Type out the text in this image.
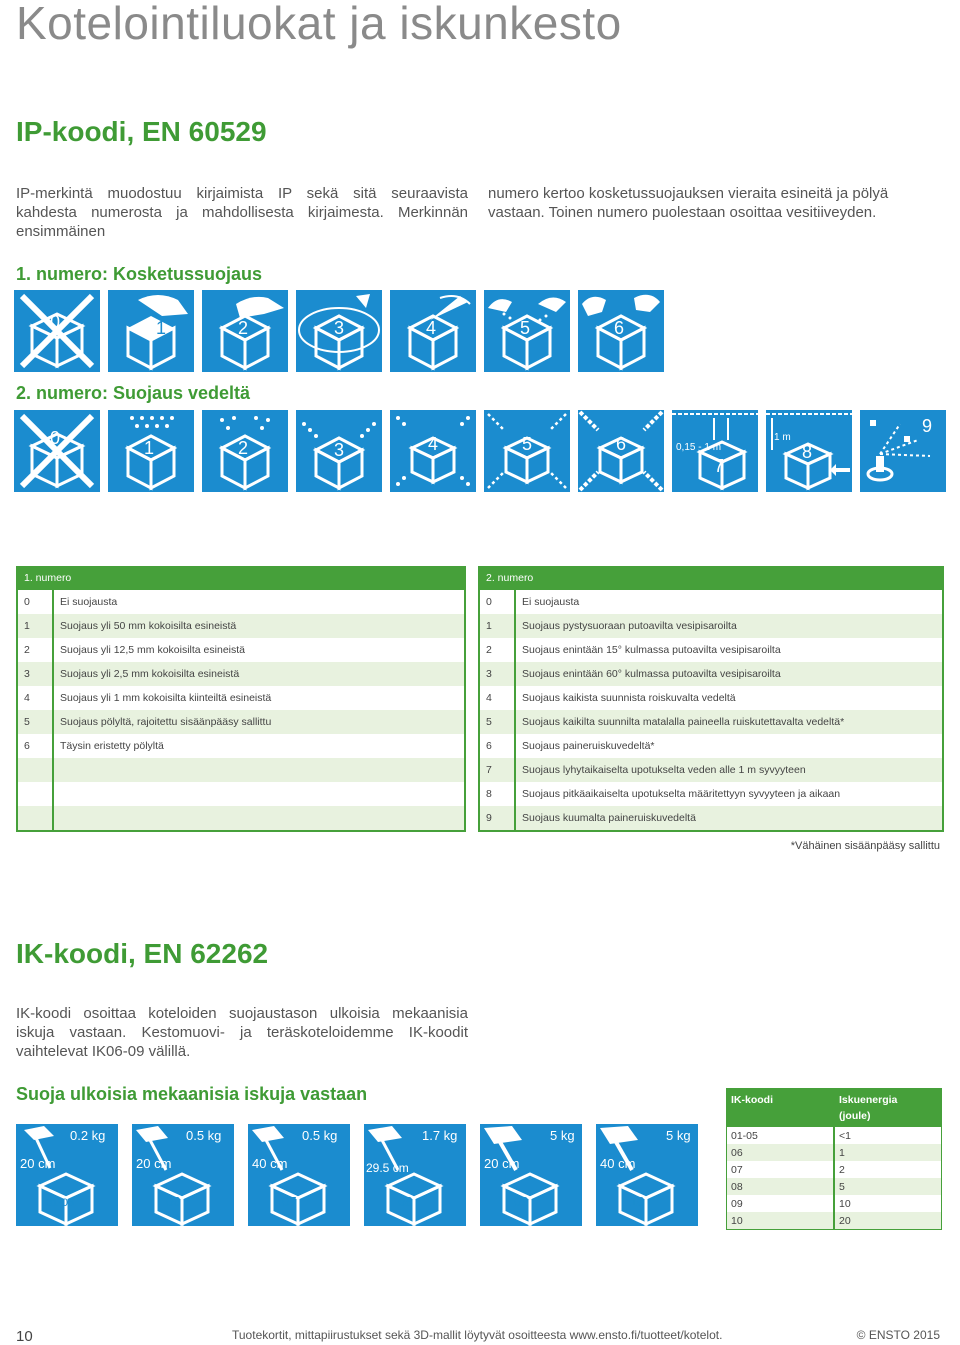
Kotelointiluokat ja iskunkesto
IP-koodi, EN 60529
IP-merkintä muodostuu kirjaimista IP sekä sitä seuraavista kahdesta numerosta ja mahdollisesta kirjaimesta. Merkinnän ensimmäinen
numero kertoo kosketussuojauksen vieraita esineitä ja pölyä vastaan. Toinen numero puolestaan osoittaa vesitiiveyden.
1. numero: Kosketussuojaus
0	1	2	3	4	5	6
2. numero: Suojaus vedeltä
0	1	2	3	4	5	6	0,15 - 1 m
7
1 m
8
9
1. numero	
0	Ei suojausta
1	Suojaus yli 50 mm kokoisilta esineistä
2	Suojaus yli 12,5 mm kokoisilta esineistä
3	Suojaus yli 2,5 mm kokoisilta esineistä
4	Suojaus yli 1 mm kokoisilta kiinteiltä esineistä
5	Suojaus pölyltä, rajoitettu sisäänpääsy sallittu
6	Täysin eristetty pölyltä

2. numero	
0	Ei suojausta
1	Suojaus pystysuoraan putoavilta vesipisaroilta
2	Suojaus enintään 15° kulmassa putoavilta vesipisaroilta
3	Suojaus enintään 60° kulmassa putoavilta vesipisaroilta
4	Suojaus kaikista suunnista roiskuvalta vedeltä
5	Suojaus kaikilta suunnilta matalalla paineella ruiskutettavalta vedeltä*
6	Suojaus paineruiskuvedeltä*
7	Suojaus lyhytaikaiselta upotukselta veden alle 1 m syvyyteen
8	Suojaus pitkäaikaiselta upotukselta määritettyyn syvyyteen ja aikaan
9	Suojaus kuumalta paineruiskuvedeltä
*Vähäinen sisäänpääsy sallittu
IK-koodi, EN 62262
IK-koodi osoittaa koteloiden suojaustason ulkoisia mekaanisia iskuja vastaan. Kestomuovi- ja teräskoteloidemme IK-koodit vaihtelevat IK06-09 välillä.
Suoja ulkoisia mekaanisia iskuja vastaan
0.2 kg
20 cm
01-05
0.5 kg
20 cm
06
0.5 kg
40 cm
07
1.7 kg
29.5 cm
08
5 kg
20 cm
09
5 kg
40 cm
10
IK-koodi	Iskuenergia
(joule)
01-05	<1
06	1
07	2
08	5
09	10
10	20
10	Tuotekortit, mittapiirustukset sekä 3D-mallit löytyvät osoitteesta www.ensto.fi/tuotteet/kotelot.	© ENSTO 2015
